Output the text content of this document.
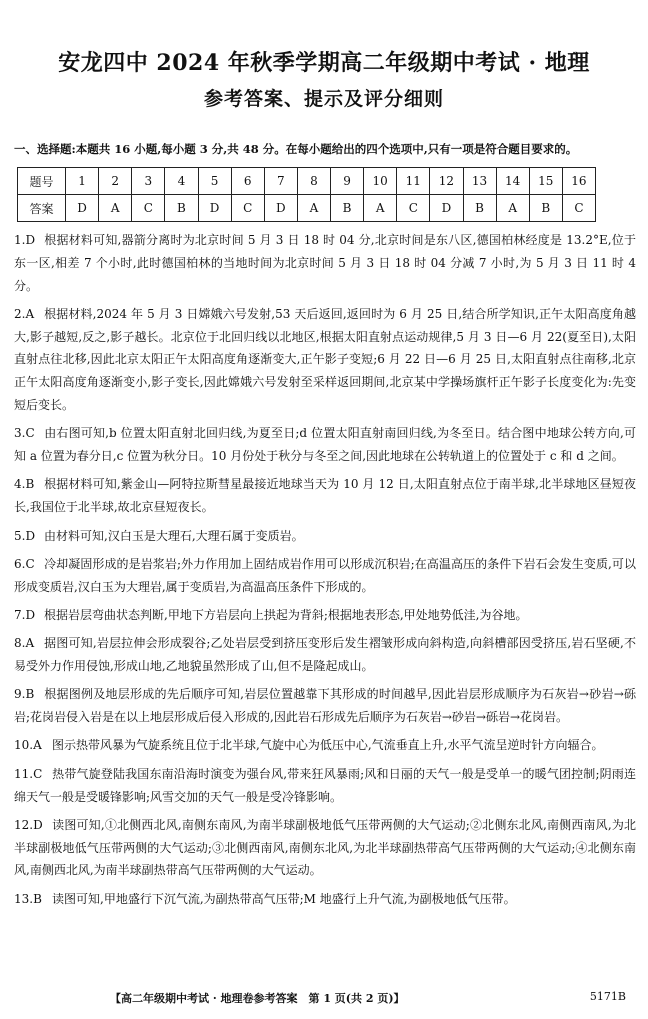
安龙四中 2024 年秋季学期高二年级期中考试 · 地理
参考答案、提示及评分细则
一、选择题:本题共 16 小题,每小题 3 分,共 48 分。在每小题给出的四个选项中,只有一项是符合题目要求的。
题号	1	2	3	4	5	6	7	8	9	10	11	12	13	14	15	16
答案	D	A	C	B	D	C	D	A	B	A	C	D	B	A	B	C
1.D 根据材料可知,器箭分离时为北京时间 5 月 3 日 18 时 04 分,北京时间是东八区,德国柏林经度是 13.2°E,位于东一区,相差 7 个小时,此时德国柏林的当地时间为北京时间 5 月 3 日 18 时 04 分减 7 小时,为 5 月 3 日 11 时 4 分。
2.A 根据材料,2024 年 5 月 3 日嫦娥六号发射,53 天后返回,返回时为 6 月 25 日,结合所学知识,正午太阳高度角越大,影子越短,反之,影子越长。北京位于北回归线以北地区,根据太阳直射点运动规律,5 月 3 日—6 月 22(夏至日),太阳直射点往北移,因此北京太阳正午太阳高度角逐渐变大,正午影子变短;6 月 22 日—6 月 25 日,太阳直射点往南移,北京正午太阳高度角逐渐变小,影子变长,因此嫦娥六号发射至采样返回期间,北京某中学操场旗杆正午影子长度变化为:先变短后变长。
3.C 由右图可知,b 位置太阳直射北回归线,为夏至日;d 位置太阳直射南回归线,为冬至日。结合图中地球公转方向,可知 a 位置为春分日,c 位置为秋分日。10 月份处于秋分与冬至之间,因此地球在公转轨道上的位置处于 c 和 d 之间。
4.B 根据材料可知,紫金山—阿特拉斯彗星最接近地球当天为 10 月 12 日,太阳直射点位于南半球,北半球地区昼短夜长,我国位于北半球,故北京昼短夜长。
5.D 由材料可知,汉白玉是大理石,大理石属于变质岩。
6.C 冷却凝固形成的是岩浆岩;外力作用加上固结成岩作用可以形成沉积岩;在高温高压的条件下岩石会发生变质,可以形成变质岩,汉白玉为大理岩,属于变质岩,为高温高压条件下形成的。
7.D 根据岩层弯曲状态判断,甲地下方岩层向上拱起为背斜;根据地表形态,甲处地势低洼,为谷地。
8.A 据图可知,岩层拉伸会形成裂谷;乙处岩层受到挤压变形后发生褶皱形成向斜构造,向斜槽部因受挤压,岩石坚硬,不易受外力作用侵蚀,形成山地,乙地貌虽然形成了山,但不是隆起成山。
9.B 根据图例及地层形成的先后顺序可知,岩层位置越靠下其形成的时间越早,因此岩层形成顺序为石灰岩→砂岩→砾岩;花岗岩侵入岩是在以上地层形成后侵入形成的,因此岩石形成先后顺序为石灰岩→砂岩→砾岩→花岗岩。
10.A 图示热带风暴为气旋系统且位于北半球,气旋中心为低压中心,气流垂直上升,水平气流呈逆时针方向辐合。
11.C 热带气旋登陆我国东南沿海时演变为强台风,带来狂风暴雨;风和日丽的天气一般是受单一的暖气团控制;阴雨连绵天气一般是受暖锋影响;风雪交加的天气一般是受冷锋影响。
12.D 读图可知,①北侧西北风,南侧东南风,为南半球副极地低气压带两侧的大气运动;②北侧东北风,南侧西南风,为北半球副极地低气压带两侧的大气运动;③北侧西南风,南侧东北风,为北半球副热带高气压带两侧的大气运动;④北侧东南风,南侧西北风,为南半球副热带高气压带两侧的大气运动。
13.B 读图可知,甲地盛行下沉气流,为副热带高气压带;M 地盛行上升气流,为副极地低气压带。
【高二年级期中考试 · 地理卷参考答案　第 1 页(共 2 页)】	5171B
